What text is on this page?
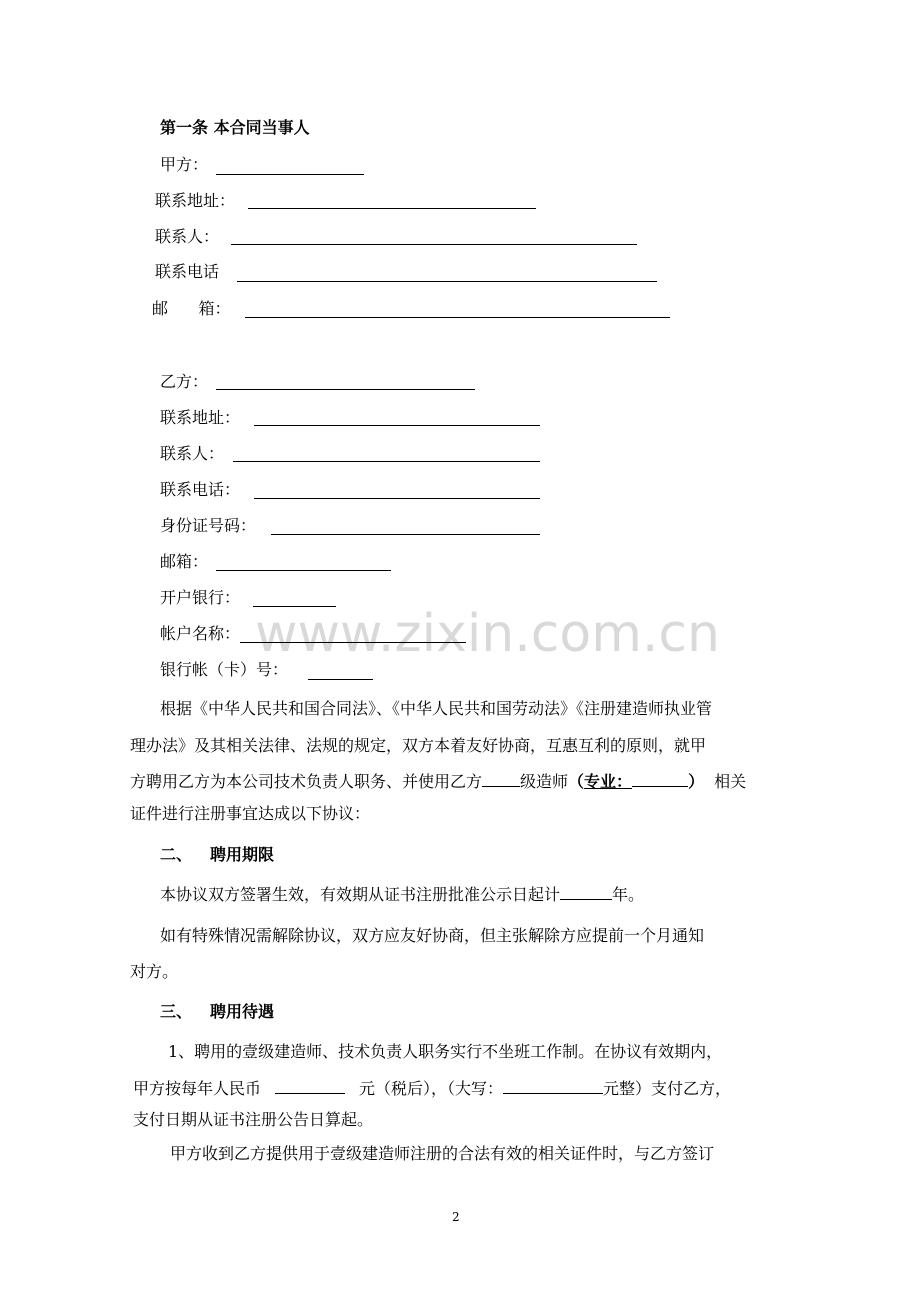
第一条 本合同当事人
甲方：
联系地址：
联系人：
联系电话
邮      箱：
乙方：
联系地址：
联系人：
联系电话：
身份证号码：
邮箱：
开户银行：
www.zixin.com.cn
帐户名称：
银行帐（卡）号：
根据《中华人民共和国合同法》、《中华人民共和国劳动法》《注册建造师执业管
理办法》及其相关法律、法规的规定，双方本着友好协商，互惠互利的原则，就甲
方聘用乙方为本公司技术负责人职务、并使用乙方 级造师（专业：	） 相关
证件进行注册事宜达成以下协议：
二、 聘用期限
本协议双方签署生效，有效期从证书注册批准公示日起计	年。
如有特殊情况需解除协议，双方应友好协商，但主张解除方应提前一个月通知
对方。
三、 聘用待遇
1、聘用的壹级建造师、技术负责人职务实行不坐班工作制。在协议有效期内，
甲方按每年人民币	元（税后），（大写：	元整）支付乙方，
支付日期从证书注册公告日算起。
甲方收到乙方提供用于壹级建造师注册的合法有效的相关证件时，与乙方签订
2
